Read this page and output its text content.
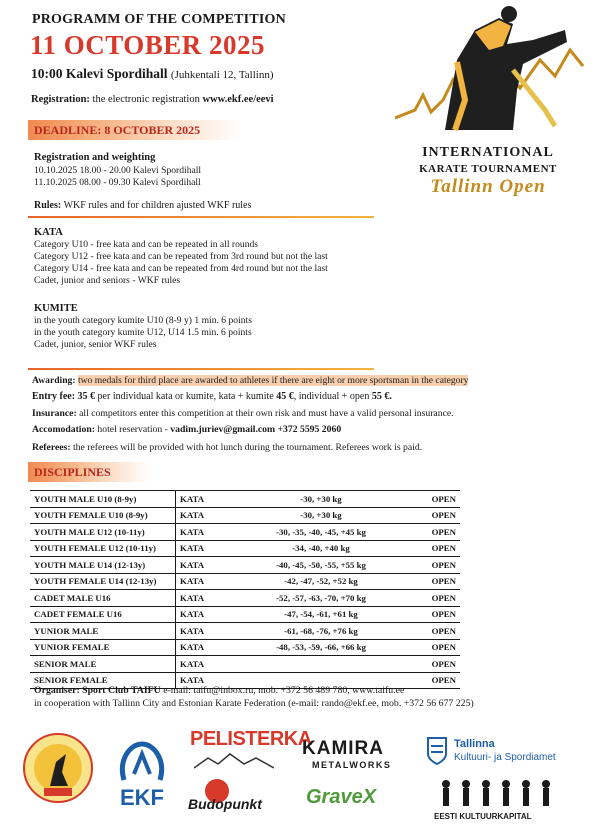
PROGRAMM OF THE COMPETITION
11 OCTOBER 2025
10:00 Kalevi Spordihall (Juhkentali 12, Tallinn)
Registration: the electronic registration www.ekf.ee/eevi
DEADLINE: 8 OCTOBER 2025
Registration and weighting
10.10.2025 18.00 - 20.00 Kalevi Spordihall
11.10.2025 08.00 - 09.30 Kalevi Spordihall
Rules: WKF rules and for children ajusted WKF rules
KATA
Category U10 - free kata and can be repeated in all rounds
Category U12 - free kata and can be repeated from 3rd round but not the last
Category U14 - free kata and can be repeated from 4rd round but not the last
Cadet, junior and seniors - WKF rules
KUMITE
in the youth category kumite U10 (8-9 y) 1 min. 6 points
in the youth category kumite U12, U14 1.5 min. 6 points
Cadet, junior, senior WKF rules
Awarding: two medals for third place are awarded to athletes if there are eight or more sportsman in the category
Entry fee: 35 € per individual kata or kumite, kata + kumite 45 €, individual + open 55 €.
Insurance: all competitors enter this competition at their own risk and must have a valid personal insurance.
Accomodation: hotel reservation - vadim.juriev@gmail.com +372 5595 2060
Referees: the referees will be provided with hot lunch during the tournament. Referees work is paid.
DISCIPLINES
YOUTH MALE U10 (8-9y)	KATA	-30, +30 kg	OPEN
YOUTH FEMALE U10 (8-9y)	KATA	-30, +30 kg	OPEN
YOUTH MALE U12 (10-11y)	KATA	-30, -35, -40, -45, +45 kg	OPEN
YOUTH FEMALE U12 (10-11y)	KATA	-34, -40, +40 kg	OPEN
YOUTH MALE U14 (12-13y)	KATA	-40, -45, -50, -55, +55 kg	OPEN
YOUTH FEMALE U14 (12-13y)	KATA	-42, -47, -52, +52 kg	OPEN
CADET MALE U16	KATA	-52, -57, -63, -70, +70 kg	OPEN
CADET FEMALE U16	KATA	-47, -54, -61, +61 kg	OPEN
YUNIOR MALE	KATA	-61, -68, -76, +76 kg	OPEN
YUNIOR FEMALE	KATA	-48, -53, -59, -66, +66 kg	OPEN
SENIOR MALE	KATA		OPEN
SENIOR FEMALE	KATA		OPEN
Organiser: Sport Club TAIFU e-mail: taifu@inbox.ru, mob. +372 56 489 780, www.taifu.ee
in cooperation with Tallinn City and Estonian Karate Federation (e-mail: rando@ekf.ee, mob. +372 56 677 225)
INTERNATIONAL
KARATE TOURNAMENT
Tallinn Open
EKF
PELISTERKA
Budopunkt
KAMIRA
METALWORKS
GraveX
Tallinna
Kultuuri- ja Spordiamet
EESTI KULTUURKAPITAL
